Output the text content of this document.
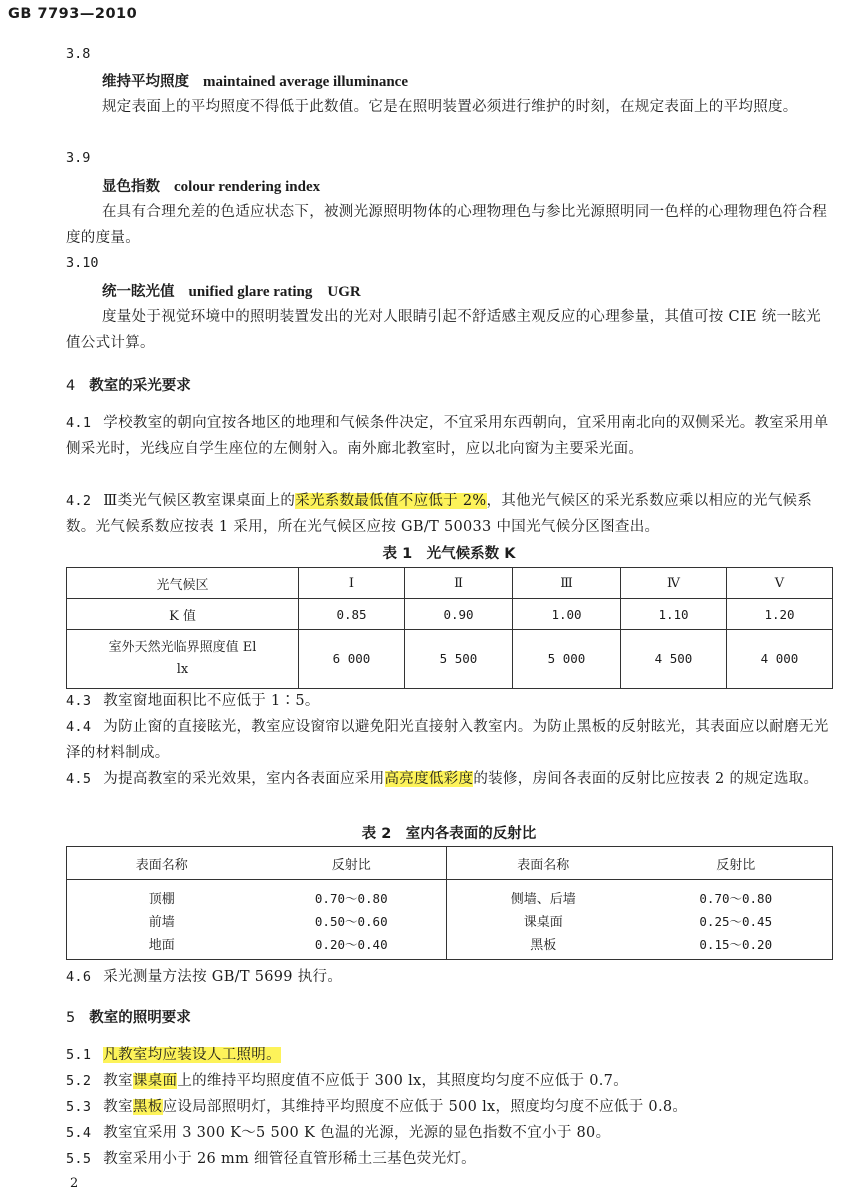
GB 7793—2010
3.8
维持平均照度 maintained average illuminance
规定表面上的平均照度不得低于此数值。它是在照明装置必须进行维护的时刻，在规定表面上的平均照度。
3.9
显色指数 colour rendering index
在具有合理允差的色适应状态下，被测光源照明物体的心理物理色与参比光源照明同一色样的心理物理色符合程度的度量。
3.10
统一眩光值 unified glare rating　UGR
度量处于视觉环境中的照明装置发出的光对人眼睛引起不舒适感主观反应的心理参量，其值可按 CIE 统一眩光值公式计算。
4 教室的采光要求
4.1 学校教室的朝向宜按各地区的地理和气候条件决定，不宜采用东西朝向，宜采用南北向的双侧采光。教室采用单侧采光时，光线应自学生座位的左侧射入。南外廊北教室时，应以北向窗为主要采光面。
4.2 Ⅲ类光气候区教室课桌面上的采光系数最低值不应低于 2%，其他光气候区的采光系数应乘以相应的光气候系数。光气候系数应按表 1 采用，所在光气候区应按 GB/T 50033 中国光气候分区图查出。
表 1　光气候系数 K
光气候区	Ⅰ	Ⅱ	Ⅲ	Ⅳ	Ⅴ
K 值	0.85	0.90	1.00	1.10	1.20

室外天然光临界照度值 El
lx	6 000	5 500	5 000	4 500	4 000
4.3 教室窗地面积比不应低于 1∶5。
4.4 为防止窗的直接眩光，教室应设窗帘以避免阳光直接射入教室内。为防止黑板的反射眩光，其表面应以耐磨无光泽的材料制成。
4.5 为提高教室的采光效果，室内各表面应采用高亮度低彩度的装修，房间各表面的反射比应按表 2 的规定选取。
表 2　室内各表面的反射比
表面名称	反射比	表面名称	反射比
顶棚	0.70～0.80	侧墙、后墙	0.70～0.80
前墙	0.50～0.60	课桌面	0.25～0.45
地面	0.20～0.40	黑板	0.15～0.20
4.6 采光测量方法按 GB/T 5699 执行。
5 教室的照明要求
5.1 凡教室均应装设人工照明。
5.2 教室课桌面上的维持平均照度值不应低于 300 lx，其照度均匀度不应低于 0.7。
5.3 教室黑板应设局部照明灯，其维持平均照度不应低于 500 lx，照度均匀度不应低于 0.8。
5.4 教室宜采用 3 300 K～5 500 K 色温的光源，光源的显色指数不宜小于 80。
5.5 教室采用小于 26 mm 细管径直管形稀土三基色荧光灯。
2
